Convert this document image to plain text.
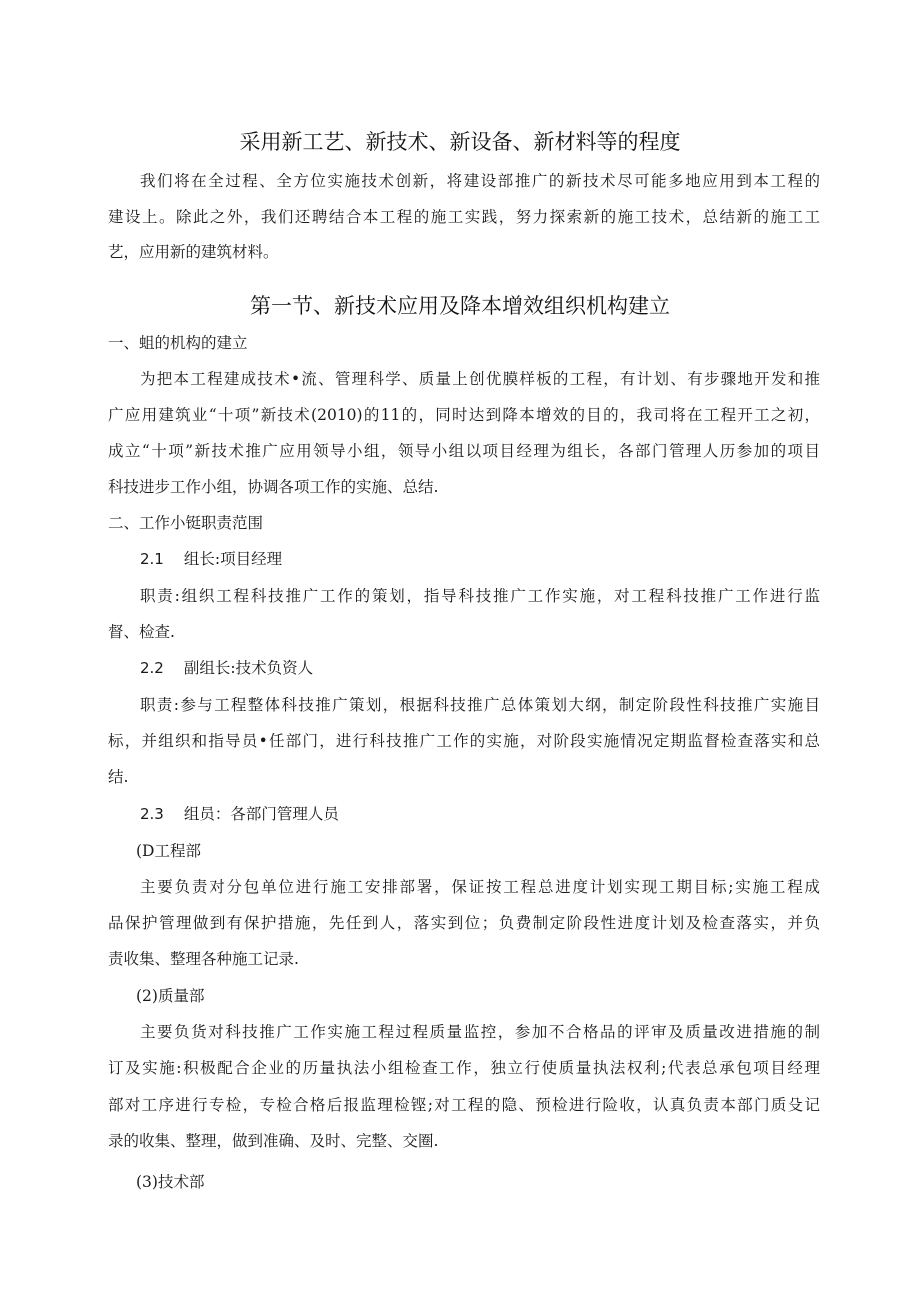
采用新工艺、新技术、新设备、新材料等的程度
我们将在全过程、全方位实施技术创新，将建设部推广的新技术尽可能多地应用到本工程的
建设上。除此之外，我们还聘结合本工程的施工实践，努力探索新的施工技术，总结新的施工工
艺，应用新的建筑材料。
第一节、新技术应用及降本增效组织机构建立
一、蛆的机构的建立
为把本工程建成技术•流、管理科学、质量上创优膜样板的工程，有计划、有步骤地开发和推
广应用建筑业“十项”新技术(2010)的11的，同时达到降本增效的目的，我司将在工程开工之初，
成立“十项”新技术推广应用领导小组，领导小组以项目经理为组长，各部门管理人历参加的项目
科技进步工作小组，协调各项工作的实施、总结.
二、工作小铤职责范围
2.1 组长:项目经理
职责:组织工程科技推广工作的策划，指导科技推广工作实施，对工程科技推广工作进行监
督、检查.
2.2 副组长:技术负资人
职责:参与工程整体科技推广策划，根据科技推广总体策划大纲，制定阶段性科技推广实施目
标，并组织和指导员•任部门，进行科技推广工作的实施，对阶段实施情况定期监督检查落实和总
结.
2.3 组员：各部门管理人员
(D工程部
主要负责对分包单位进行施工安排部署，保证按工程总进度计划实现工期目标;实施工程成
品保护管理做到有保护措施，先任到人，落实到位；负费制定阶段性进度计划及检查落实，并负
责收集、整理各种施工记录.
(2)质量部
主要负货对科技推广工作实施工程过程质量监控，参加不合格品的评审及质量改进措施的制
订及实施:积极配合企业的历量执法小组检查工作，独立行使质量执法权利;代表总承包项目经理
部对工序进行专检，专检合格后报监理检铿;对工程的隐、预检进行险收，认真负责本部门质殳记
录的收集、整理，做到准确、及时、完整、交圈.
(3)技术部
